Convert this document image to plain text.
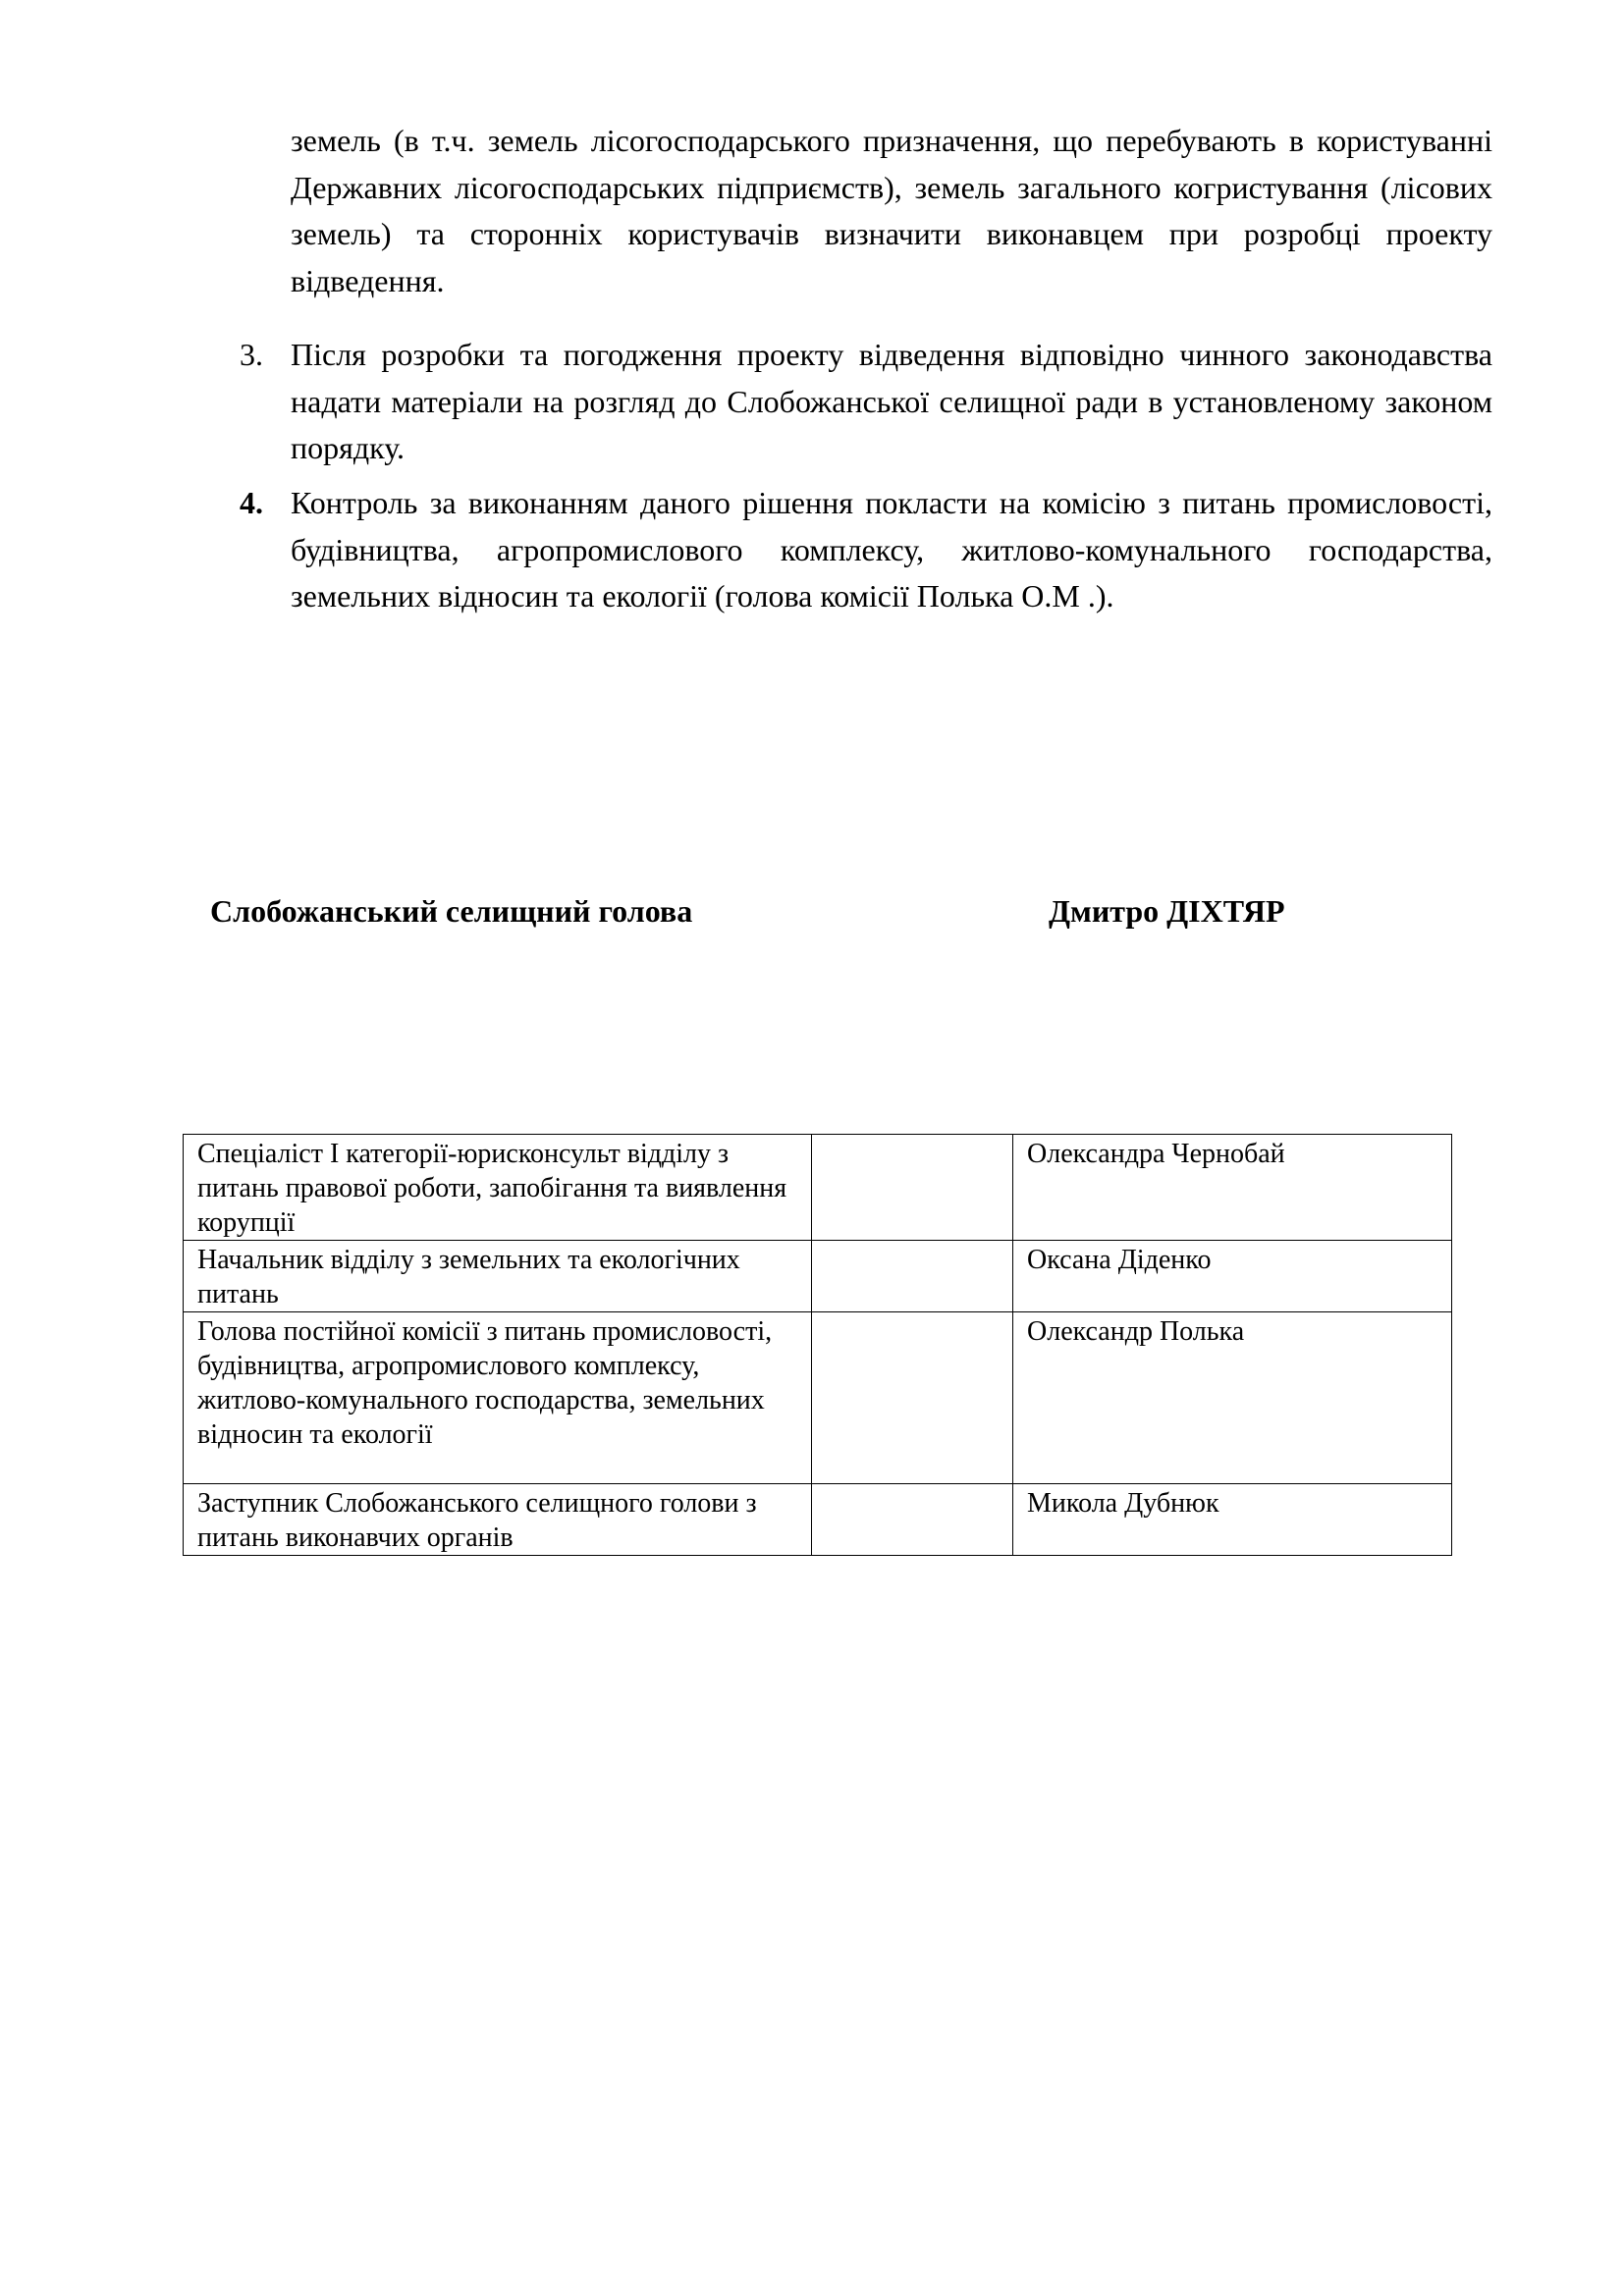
земель (в т.ч. земель лісогосподарського призначення, що перебувають в користуванні Державних лісогосподарських підприємств), земель загального когристування (лісових земель) та сторонніх користувачів визначити виконавцем при розробці проекту відведення.
3. Після розробки та погодження проекту відведення відповідно чинного законодавства надати матеріали на розгляд до Слобожанської селищної ради в установленому законом порядку.
4. Контроль за виконанням даного рішення покласти на комісію з питань промисловості, будівництва, агропромислового комплексу, житлово-комунального господарства, земельних відносин та екології (голова комісії Полька О.М .).
Слобожанський селищний голова	Дмитро ДІХТЯР
Спеціаліст І категорії-юрисконсульт відділу з питань правової роботи, запобігання та виявлення корупції		Олександра Чернобай
Начальник відділу з земельних та екологічних питань		Оксана Діденко
Голова постійної комісії з питань промисловості, будівництва, агропромислового комплексу, житлово-комунального господарства, земельних відносин та екології		Олександр Полька
Заступник Слобожанського селищного голови з питань виконавчих органів		Микола Дубнюк
